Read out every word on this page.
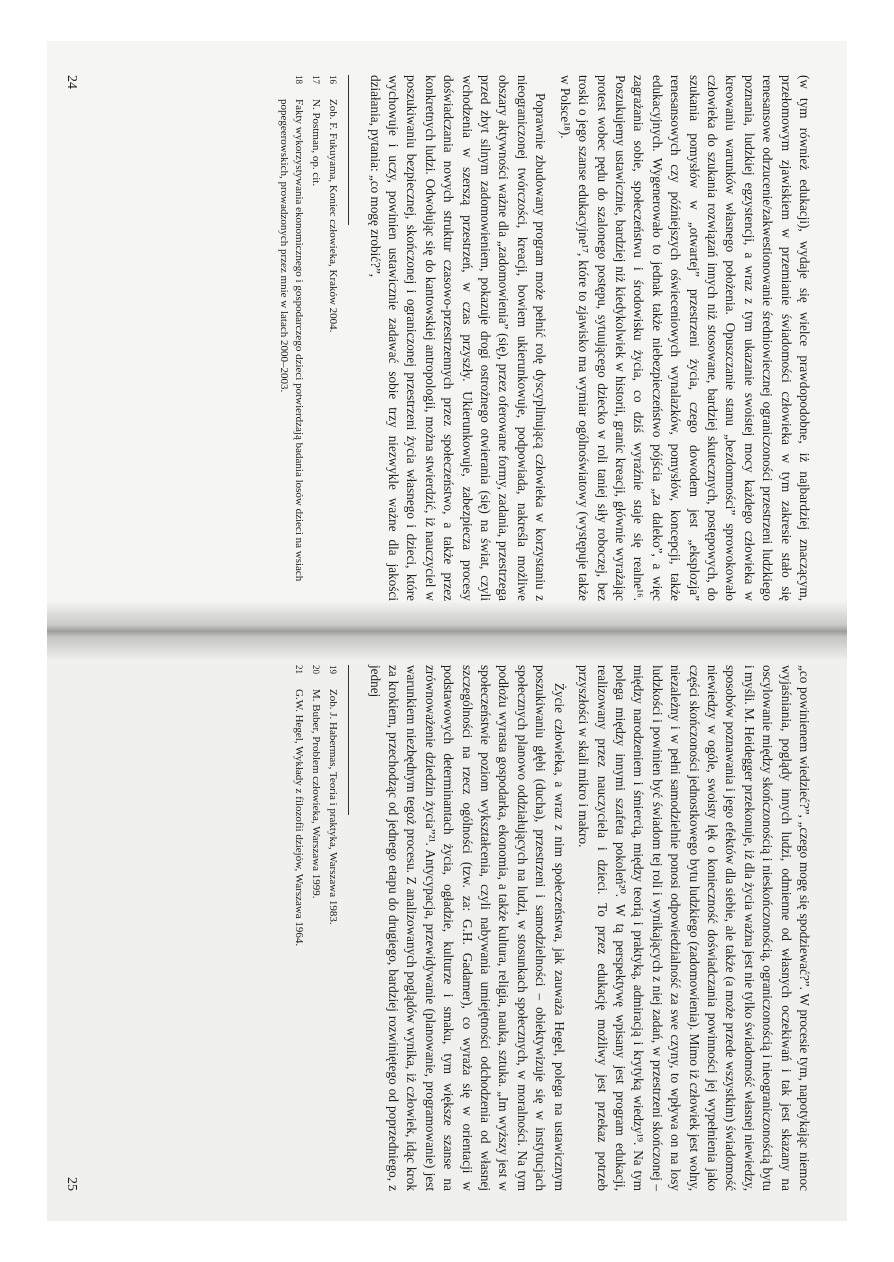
(w tym również edukacji), wydaje się wielce prawdopodobne, iż najbardziej znaczącym, przełomowym zjawiskiem w przemianie świadomości człowieka w tym zakresie stało się renesansowe odrzucenie/zakwestionowanie średniowiecznej ograniczoności przestrzeni ludzkiego poznania, ludzkiej egzystencji, a wraz z tym ukazanie swoistej mocy każdego człowieka w kreowaniu warunków własnego położenia. Opuszczanie stanu „bezdomności” sprowokowało człowieka do szukania rozwiązań innych niż stosowane, bardziej skutecznych, postępowych, do szukania pomysłów w „otwartej” przestrzeni życia, czego dowodem jest „eksplozja” renesansowych czy późniejszych oświeceniowych wynalazków, pomysłów, koncepcji, także edukacyjnych. Wygenerowało to jednak także niebezpieczeństwo pójścia „za daleko”, a więc zagrażania sobie, społeczeństwu i środowisku życia, co dziś wyraźnie staje się realne¹⁶. Poszukujemy ustawicznie, bardziej niż kiedykolwiek w historii, granic kreacji, głównie wyrażając protest wobec pędu do szalonego postępu, sytuującego dziecko w roli taniej siły roboczej, bez troski o jego szanse edukacyjne¹⁷, które to zjawisko ma wymiar ogólnoświatowy (występuje także w Polsce¹⁸).

Poprawnie zbudowany program może pełnić rolę dyscyplinującą człowieka w korzystaniu z nieograniczonej twórczości, kreacji, bowiem ukierunkowuje, podpowiada, nakreśla możliwe obszary aktywności ważne dla „zadomowienia” (się), przez oferowane formy, zadania, przestrzega przed zbyt silnym zadomowieniem, pokazuje drogi ostrożnego otwierania (się) na świat, czyli wchodzenia w szerszą przestrzeń, w czas przyszły. Ukierunkowuje, zabezpiecza procesy doświadczania nowych struktur czasowo-przestrzennych przez społeczeństwo, a także przez konkretnych ludzi. Odwołując się do kantowskiej antropologii, można stwierdzić, iż nauczyciel w poszukiwaniu bezpiecznej, skończonej i ograniczonej przestrzeni życia własnego i dzieci, które wychowuje i uczy, powinien ustawicznie zadawać sobie trzy niezwykle ważne dla jakości działania, pytania: „co mogę zrobić?”,

16
Zob. F. Fukuyama, Koniec człowieka, Kraków 2004.
17
N. Postman, op. cit.
18
Fakty wykorzystywania ekonomicznego i gospodarczego dzieci potwierdzają badania losów dzieci na wsiach popegeerowskich, prowadzonych przez mnie w latach 2000–2003.
24

„co powinienem wiedzieć?”, „czego mogę się spodziewać?”. W procesie tym, napotykając niemoc wyjaśniania, poglądy innych ludzi, odmienne od własnych oczekiwań i tak jest skazany na oscylowanie między skończonością i nieskończonością, ograniczonością i nieograniczonością bytu i myśli. M. Heidegger przekonuje, iż dla życia ważna jest nie tylko świadomość własnej niewiedzy, sposobów poznawania i jego efektów dla siebie, ale także (a może przede wszystkim) świadomość niewiedzy w ogóle, swoisty lęk o konieczność doświadczania powinności jej wypełnienia jako części skończoności jednostkowego bytu ludzkiego (zadomowienia). Mimo iż człowiek jest wolny, niezależny i w pełni samodzielnie ponosi odpowiedzialność za swe czyny, to wpływa on na losy ludzkości i powinien być świadom tej roli i wynikających z niej zadań, w przestrzeni skończonej – między narodzeniem i śmiercią, między teorią i praktyką, admiracją i krytyką wiedzy¹⁹. Na tym polega między innymi szafeta pokoleń²⁰. W tą perspektywę wpisany jest program edukacji, realizowany przez nauczyciela i dzieci. To przez edukację możliwy jest przekaz potrzeb przyszłości w skali mikro i makro.

Życie człowieka, a wraz z nim społeczeństwa, jak zauważa Hegel, polega na ustawicznym poszukiwaniu głębi (ducha), przestrzeni i samodzielności – obiektywizuje się w instytucjach społecznych planowo oddziałujących na ludzi, w stosunkach społecznych, w moralności. Na tym podłożu wyrasta gospodarka, ekonomia, a także kultura, religia, nauka, sztuka. „Im wyższy jest w społeczeństwie poziom wykształcenia, czyli nabywania umiejętności odchodzenia od własnej szczególności na rzecz ogólności (tzw. za: G.H. Gadamer), co wyraża się w orientacji w podstawowych determinantach życia, ogładzie, kulturze i smaku, tym większe szanse na zrównoważenie dziedzin życia”²¹. Antycypacja, przewidywanie (planowanie, programowanie) jest warunkiem niezbędnym tegoż procesu. Z analizowanych poglądów wynika, iż człowiek, idąc krok za krokiem, przechodząc od jednego etapu do drugiego, bardziej rozwiniętego od poprzedniego, z jednej

19
Zob. J. Habermas, Teoria i praktyka, Warszawa 1983.
20
M. Buber, Problem człowieka, Warszawa 1999.
21
G.W. Hegel, Wykłady z filozofii dziejów, Warszawa 1964.
25
